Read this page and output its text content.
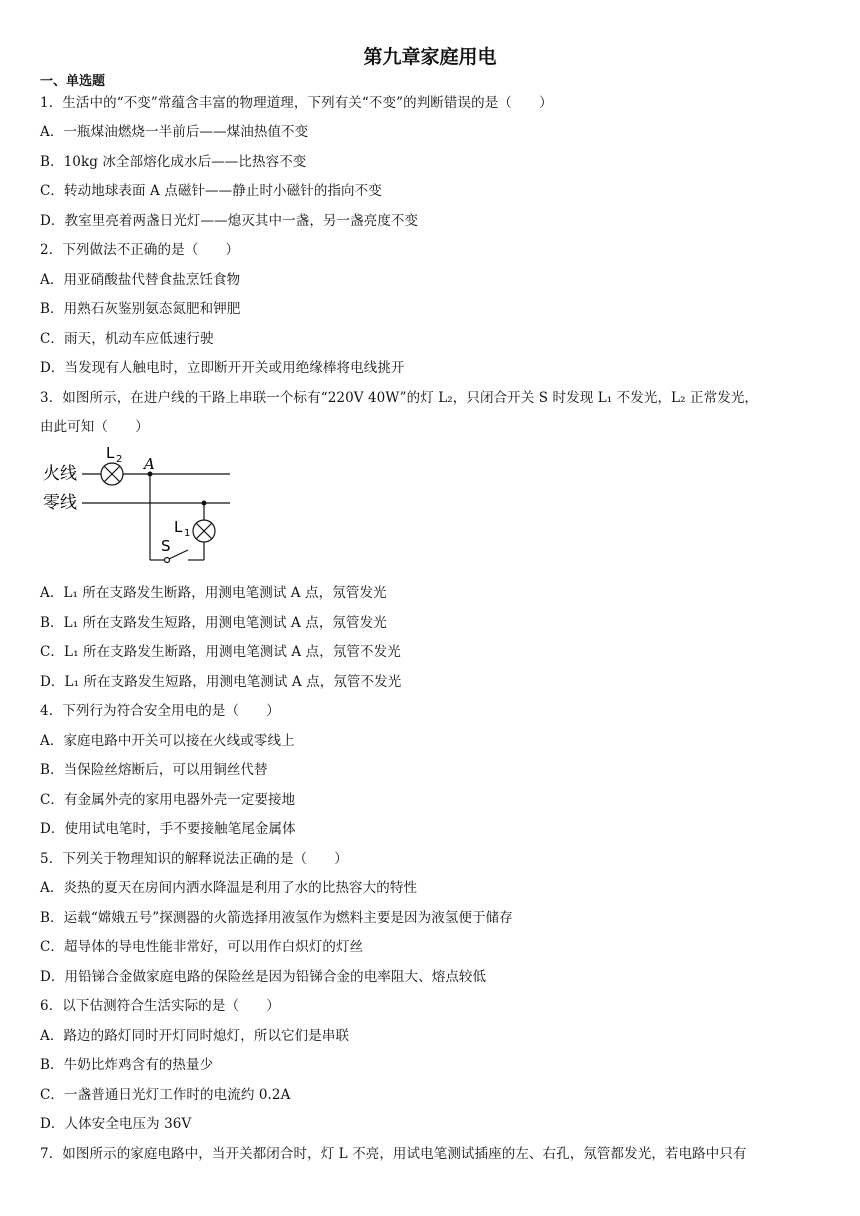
第九章家庭用电
一、单选题
1．生活中的“不变”常蕴含丰富的物理道理，下列有关“不变”的判断错误的是（　　）
A．一瓶煤油燃烧一半前后——煤油热值不变
B．10kg 冰全部熔化成水后——比热容不变
C．转动地球表面 A 点磁针——静止时小磁针的指向不变
D．教室里亮着两盏日光灯——熄灭其中一盏，另一盏亮度不变
2．下列做法不正确的是（　　）
A．用亚硝酸盐代替食盐烹饪食物
B．用熟石灰鉴别氨态氮肥和钾肥
C．雨天，机动车应低速行驶
D．当发现有人触电时，立即断开开关或用绝缘棒将电线挑开
3．如图所示，在进户线的干路上串联一个标有“220V 40W”的灯 L₂，只闭合开关 S 时发现 L₁ 不发光，L₂ 正常发光，
由此可知（　　）
火线
零线
L 2 A
S
L 1
A．L₁ 所在支路发生断路，用测电笔测试 A 点，氖管发光
B．L₁ 所在支路发生短路，用测电笔测试 A 点，氖管发光
C．L₁ 所在支路发生断路，用测电笔测试 A 点，氖管不发光
D．L₁ 所在支路发生短路，用测电笔测试 A 点，氖管不发光
4．下列行为符合安全用电的是（　　）
A．家庭电路中开关可以接在火线或零线上
B．当保险丝熔断后，可以用铜丝代替
C．有金属外壳的家用电器外壳一定要接地
D．使用试电笔时，手不要接触笔尾金属体
5．下列关于物理知识的解释说法正确的是（　　）
A．炎热的夏天在房间内洒水降温是利用了水的比热容大的特性
B．运载“嫦娥五号”探测器的火箭选择用液氢作为燃料主要是因为液氢便于储存
C．超导体的导电性能非常好，可以用作白炽灯的灯丝
D．用铅锑合金做家庭电路的保险丝是因为铅锑合金的电率阻大、熔点较低
6．以下估测符合生活实际的是（　　）
A．路边的路灯同时开灯同时熄灯，所以它们是串联
B．牛奶比炸鸡含有的热量少
C．一盏普通日光灯工作时的电流约 0.2A
D．人体安全电压为 36V
7．如图所示的家庭电路中，当开关都闭合时，灯 L 不亮，用试电笔测试插座的左、右孔，氖管都发光，若电路中只有
